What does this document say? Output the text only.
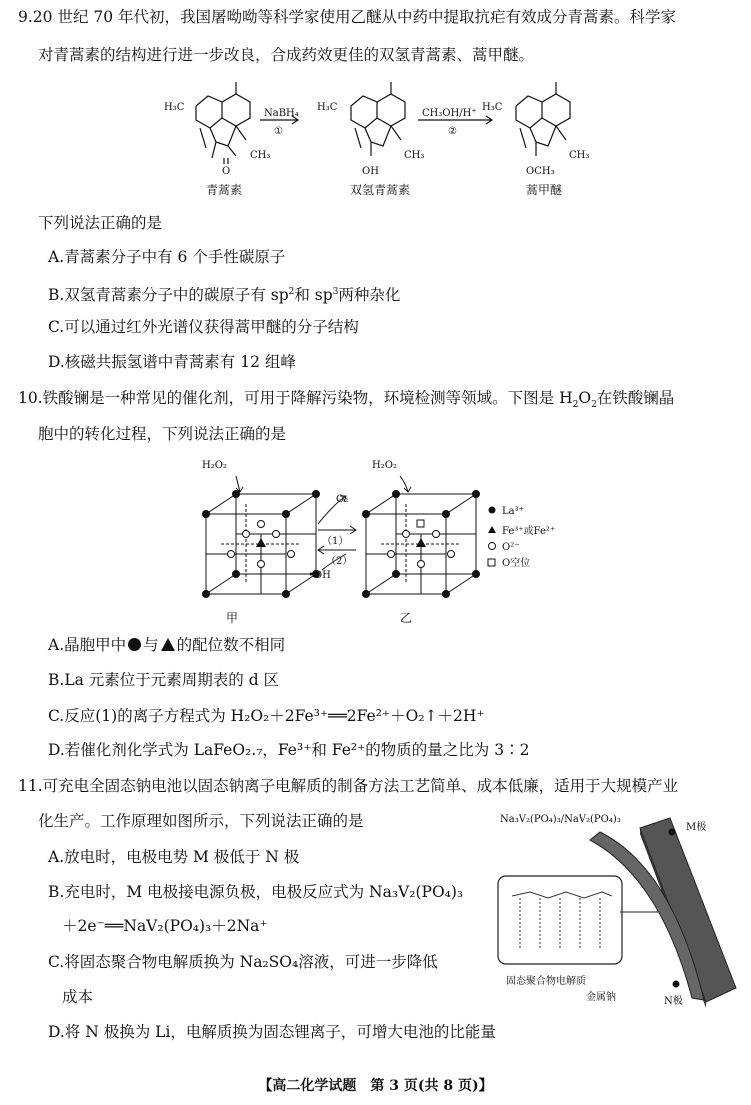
9.20 世纪 70 年代初，我国屠呦呦等科学家使用乙醚从中药中提取抗疟有效成分青蒿素。科学家
对青蒿素的结构进行进一步改良，合成药效更佳的双氢青蒿素、蒿甲醚。
H₃C
CH₃
O
H₃C
CH₃
OH
H₃C
CH₃
OCH₃
NaBH₄
①
CH₃OH/H⁺
②
青蒿素	双氢青蒿素	蒿甲醚
下列说法正确的是
A.青蒿素分子中有 6 个手性碳原子
B.双氢青蒿素分子中的碳原子有 $sp^2$和 $sp^3$两种杂化
C.可以通过红外光谱仪获得蒿甲醚的分子结构
D.核磁共振氢谱中青蒿素有 12 组峰
10.铁酸镧是一种常见的催化剂，可用于降解污染物，环境检测等领域。下图是 $H_2O_2$在铁酸镧晶
胞中的转化过程，下列说法正确的是
H₂O₂	H₂O₂
O₂
（1）
（2）
•OH
La³⁺
Fe³⁺或Fe²⁺
O²⁻
O空位
甲	乙
A.晶胞甲中 与 的配位数不相同
B.La 元素位于元素周期表的 d 区
C.反应(1)的离子方程式为 H₂O₂＋2Fe³⁺══2Fe²⁺＋O₂↑＋2H⁺
D.若催化剂化学式为 LaFeO₂.₇，Fe³⁺和 Fe²⁺的物质的量之比为 3∶2
11.可充电全固态钠电池以固态钠离子电解质的制备方法工艺简单、成本低廉，适用于大规模产业
化生产。工作原理如图所示，下列说法正确的是
A.放电时，电极电势 M 极低于 N 极
B.充电时，M 电极接电源负极，电极反应式为 Na₃V₂(PO₄)₃
＋2e⁻══NaV₂(PO₄)₃＋2Na⁺
C.将固态聚合物电解质换为 Na₂SO₄溶液，可进一步降低
成本
D.将 N 极换为 Li，电解质换为固态锂离子，可增大电池的比能量
Na₃V₂(PO₄)₃/NaV₂(PO₄)₃
M极
固态聚合物电解质
金属钠	N极
【高二化学试题　第 3 页(共 8 页)】
